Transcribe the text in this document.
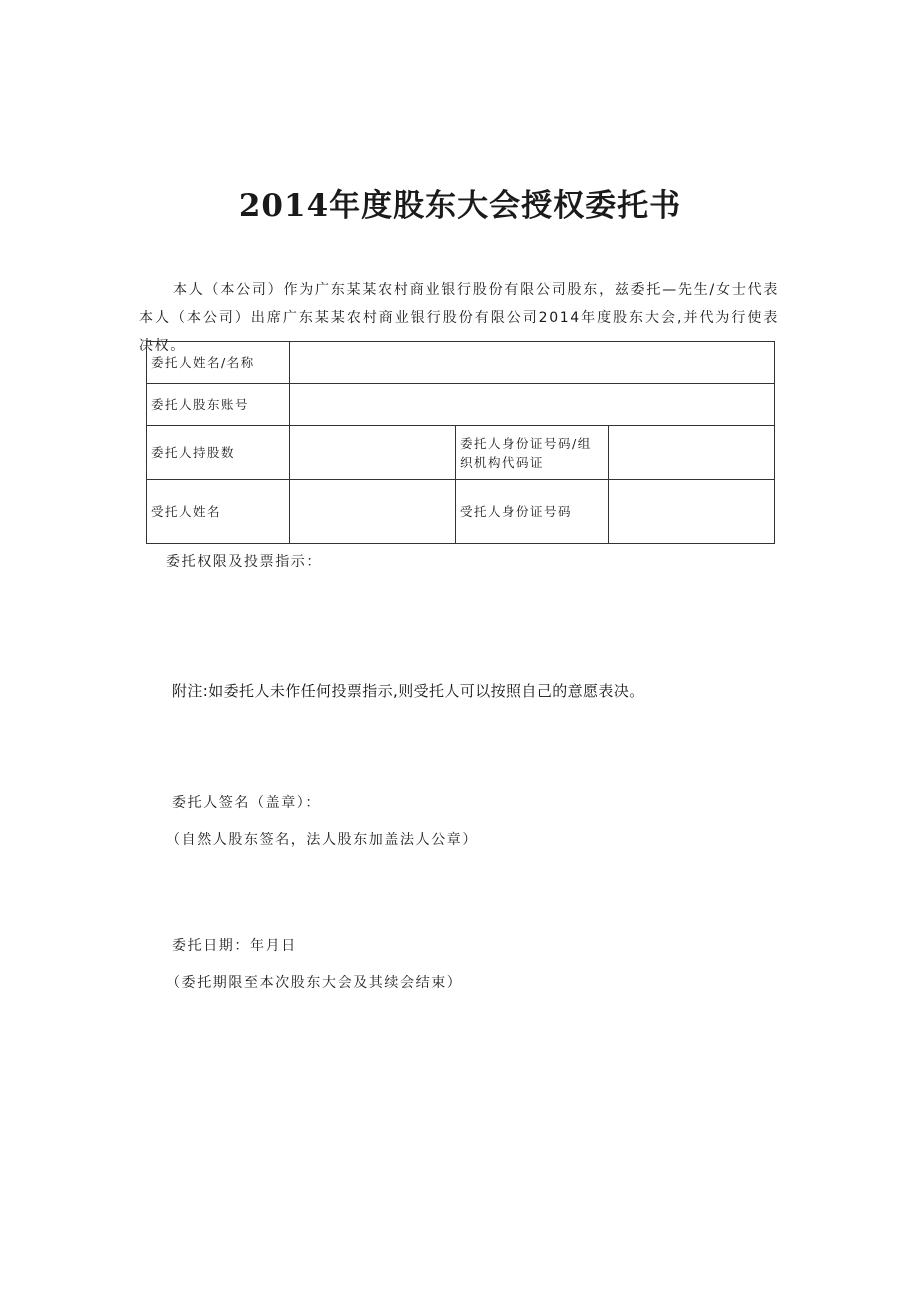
2014年度股东大会授权委托书

本人（本公司）作为广东某某农村商业银行股份有限公司股东，兹委托—先生/女士代表本人（本公司）出席广东某某农村商业银行股份有限公司2014年度股东大会,并代为行使表决权。

委托人姓名/名称			
委托人股东账号			
委托人持股数		委托人身份证号码/组织机构代码证	
受托人姓名		受托人身份证号码	

委托权限及投票指示：

附注:如委托人未作任何投票指示,则受托人可以按照自己的意愿表决。

委托人签名（盖章）：

（自然人股东签名，法人股东加盖法人公章）

委托日期：年月日

（委托期限至本次股东大会及其续会结束）
